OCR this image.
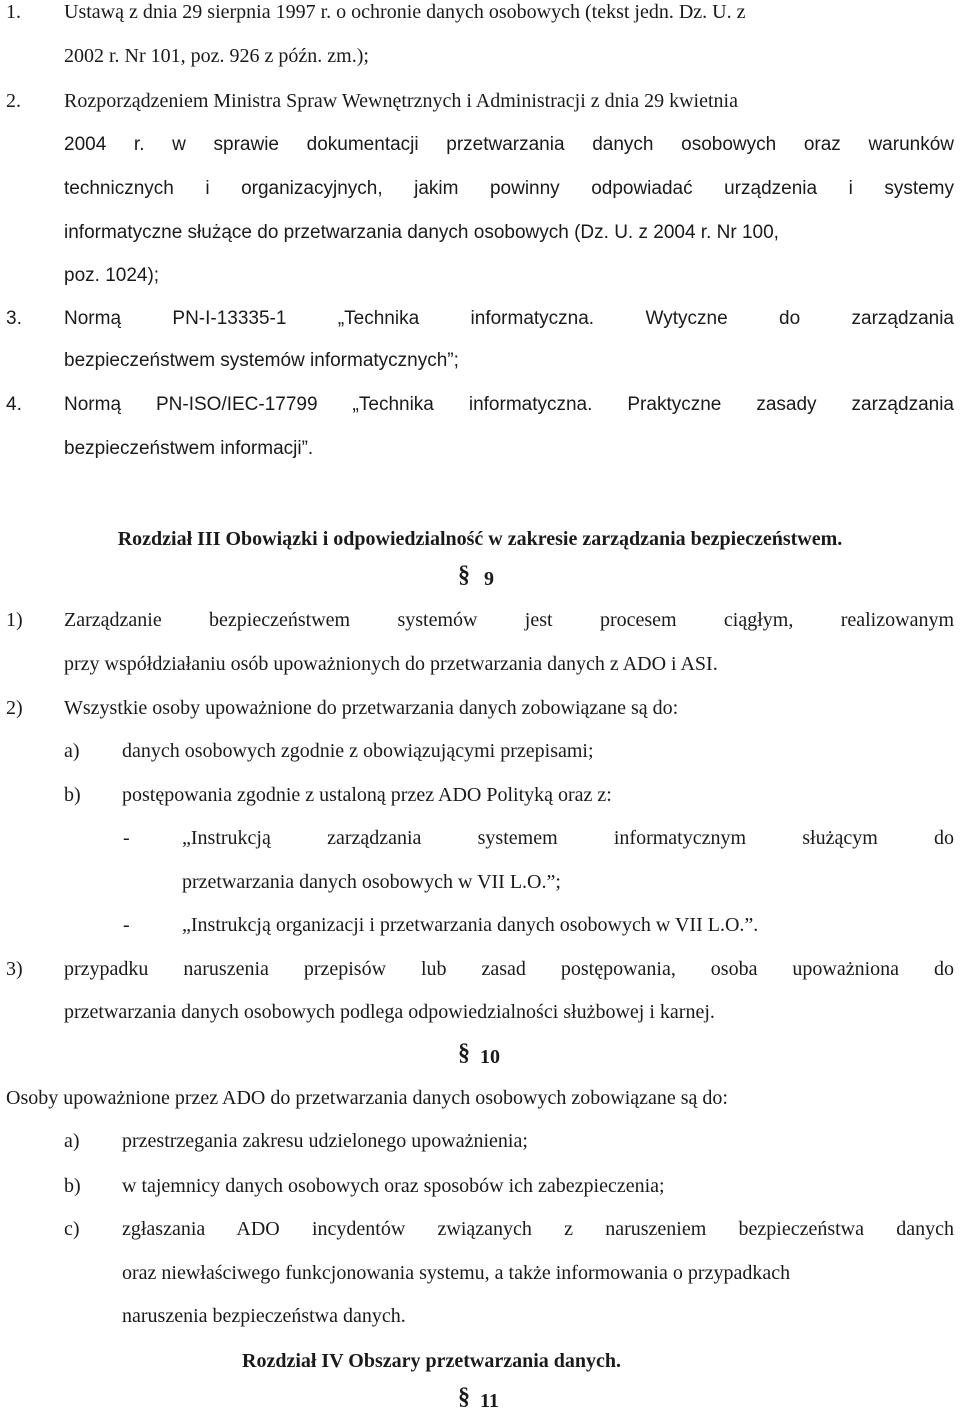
1. Ustawą z dnia 29 sierpnia 1997 r. o ochronie danych osobowych (tekst jedn. Dz. U. z
2002 r. Nr 101, poz. 926 z późn. zm.);
2. Rozporządzeniem Ministra Spraw Wewnętrznych i Administracji z dnia 29 kwietnia
2004 r. w sprawie dokumentacji przetwarzania danych osobowych oraz warunków
technicznych i organizacyjnych, jakim powinny odpowiadać urządzenia i systemy
informatyczne służące do przetwarzania danych osobowych (Dz. U. z 2004 r. Nr 100,
poz. 1024);
3. Normą PN-I-13335-1 „Technika informatyczna. Wytyczne do zarządzania
bezpieczeństwem systemów informatycznych”;
4. Normą PN-ISO/IEC-17799 „Technika informatyczna. Praktyczne zasady zarządzania
bezpieczeństwem informacji”.
Rozdział III Obowiązki i odpowiedzialność w zakresie zarządzania bezpieczeństwem.
§ 9
1) Zarządzanie bezpieczeństwem systemów jest procesem ciągłym, realizowanym
przy współdziałaniu osób upoważnionych do przetwarzania danych z ADO i ASI.
2) Wszystkie osoby upoważnione do przetwarzania danych zobowiązane są do:
a) danych osobowych zgodnie z obowiązującymi przepisami;
b) postępowania zgodnie z ustaloną przez ADO Polityką oraz z:
-	„Instrukcją zarządzania systemem informatycznym służącym do
przetwarzania danych osobowych w VII L.O.”;
-	„Instrukcją organizacji i przetwarzania danych osobowych w VII L.O.”.
3) przypadku naruszenia przepisów lub zasad postępowania, osoba upoważniona do
przetwarzania danych osobowych podlega odpowiedzialności służbowej i karnej.
§ 10
Osoby upoważnione przez ADO do przetwarzania danych osobowych zobowiązane są do:
a) przestrzegania zakresu udzielonego upoważnienia;
b) w tajemnicy danych osobowych oraz sposobów ich zabezpieczenia;
c) zgłaszania ADO incydentów związanych z naruszeniem bezpieczeństwa danych
oraz niewłaściwego funkcjonowania systemu, a także informowania o przypadkach
naruszenia bezpieczeństwa danych.
Rozdział IV Obszary przetwarzania danych.
§ 11
